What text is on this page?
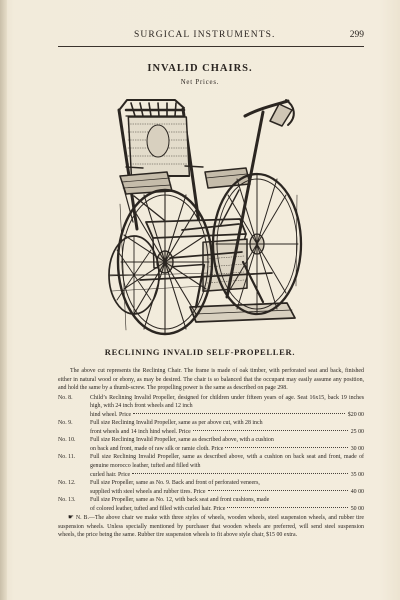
SURGICAL INSTRUMENTS.	299
INVALID CHAIRS.
Net Prices.
RECLINING INVALID SELF-PROPELLER.

The above cut represents the Reclining Chair. The frame is made of oak timber, with perforated seat and back, finished either in natural wood or ebony, as may be desired. The chair is so balanced that the occupant may easily assume any position, and hold the same by a thumb-screw. The propelling power is the same as described on page 298.

No. 8.	Child’s Reclining Invalid Propeller, designed for children under fifteen years of age. Seat 16x15, back 19 inches high, with 24 inch front wheels and 12 inch
hind wheel. Price	$20 00
No. 9.	Full size Reclining Invalid Propeller, same as per above cut, with 28 inch
front wheels and 14 inch hind wheel. Price	25 00
No. 10.	Full size Reclining Invalid Propeller, same as described above, with a cushion
on back and front, made of raw silk or ramie cloth. Price	30 00
No. 11.	Full size Reclining Invalid Propeller, same as described above, with a cushion on back seat and front, made of genuine morocco leather, tufted and filled with
curled hair. Price	35 00
No. 12.	Full size Propeller, same as No. 9. Back and front of perforated veneers,
supplied with steel wheels and rubber tires. Price	40 00
No. 13.	Full size Propeller, same as No. 12, with back seat and front cushions, made
of colored leather, tufted and filled with curled hair. Price	50 00

☛ N. B.—The above chair we make with three styles of wheels, wooden wheels, steel suspension wheels, and rubber tire suspension wheels. Unless specially mentioned by purchaser that wooden wheels are preferred, will send steel suspension wheels, the price being the same. Rubber tire suspension wheels to fit above style chair, $15 00 extra.
